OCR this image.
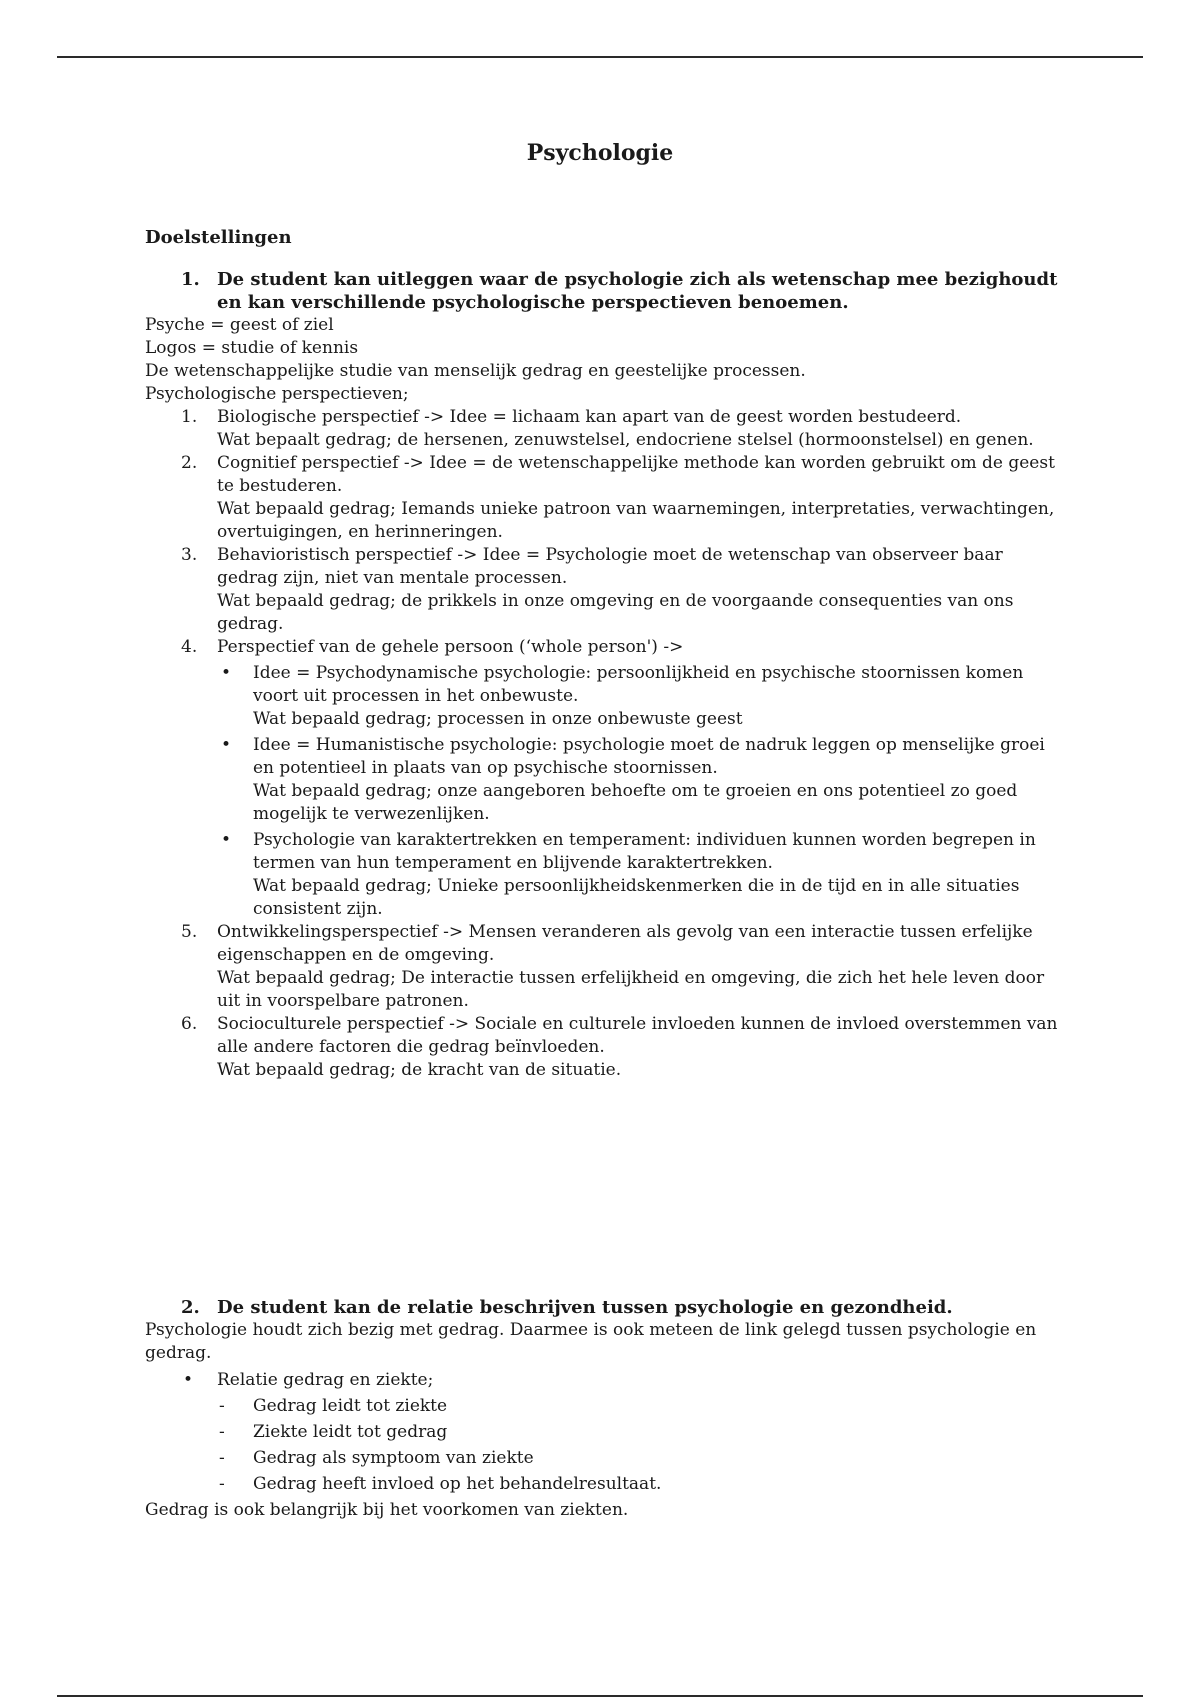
Psychologie
Doelstellingen
1. De student kan uitleggen waar de psychologie zich als wetenschap mee bezighoudt en kan verschillende psychologische perspectieven benoemen.

Psyche = geest of ziel

Logos = studie of kennis

De wetenschappelijke studie van menselijk gedrag en geestelijke processen.

Psychologische perspectieven;

1. Biologische perspectief -> Idee = lichaam kan apart van de geest worden bestudeerd.
Wat bepaalt gedrag; de hersenen, zenuwstelsel, endocriene stelsel (hormoonstelsel) en genen.
2. Cognitief perspectief -> Idee = de wetenschappelijke methode kan worden gebruikt om de geest te bestuderen.
Wat bepaald gedrag; Iemands unieke patroon van waarnemingen, interpretaties, verwachtingen, overtuigingen, en herinneringen.
3. Behavioristisch perspectief -> Idee = Psychologie moet de wetenschap van observeer baar gedrag zijn, niet van mentale processen.
Wat bepaald gedrag; de prikkels in onze omgeving en de voorgaande consequenties van ons gedrag.
4. Perspectief van de gehele persoon (‘whole person') ->
• Idee = Psychodynamische psychologie: persoonlijkheid en psychische stoornissen komen voort uit processen in het onbewuste.
Wat bepaald gedrag; processen in onze onbewuste geest
• Idee = Humanistische psychologie: psychologie moet de nadruk leggen op menselijke groei en potentieel in plaats van op psychische stoornissen.
Wat bepaald gedrag; onze aangeboren behoefte om te groeien en ons potentieel zo goed mogelijk te verwezenlijken.
• Psychologie van karaktertrekken en temperament: individuen kunnen worden begrepen in termen van hun temperament en blijvende karaktertrekken.
Wat bepaald gedrag; Unieke persoonlijkheidskenmerken die in de tijd en in alle situaties consistent zijn.
5. Ontwikkelingsperspectief -> Mensen veranderen als gevolg van een interactie tussen erfelijke eigenschappen en de omgeving.
Wat bepaald gedrag; De interactie tussen erfelijkheid en omgeving, die zich het hele leven door uit in voorspelbare patronen.
6. Socioculturele perspectief -> Sociale en culturele invloeden kunnen de invloed overstemmen van alle andere factoren die gedrag beïnvloeden.
Wat bepaald gedrag; de kracht van de situatie.
2. De student kan de relatie beschrijven tussen psychologie en gezondheid.

Psychologie houdt zich bezig met gedrag. Daarmee is ook meteen de link gelegd tussen psychologie en gedrag.

• Relatie gedrag en ziekte;
- Gedrag leidt tot ziekte
- Ziekte leidt tot gedrag
- Gedrag als symptoom van ziekte
- Gedrag heeft invloed op het behandelresultaat.

Gedrag is ook belangrijk bij het voorkomen van ziekten.
